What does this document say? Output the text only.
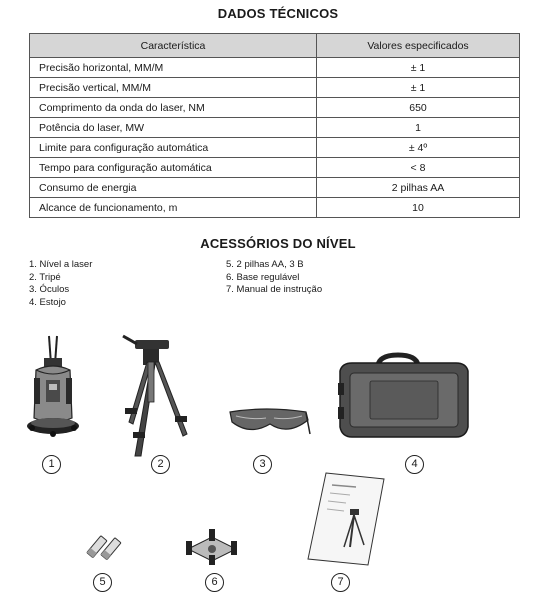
DADOS TÉCNICOS
Característica	Valores especificados
Precisão horizontal, MM/M	± 1
Precisão vertical, MM/M	± 1
Comprimento da onda do laser, NM	650
Potência do laser, MW	1
Limite para configuração automática	± 4º
Tempo para configuração automática	< 8
Consumo de energia	2 pilhas AA
Alcance de funcionamento, m	10
ACESSÓRIOS DO NÍVEL
1. Nível a laser
2. Tripé
3. Óculos
4. Estojo
5. 2 pilhas AA, 3 B
6. Base regulável
7. Manual de instrução
1	2	3	4
5	6	7
